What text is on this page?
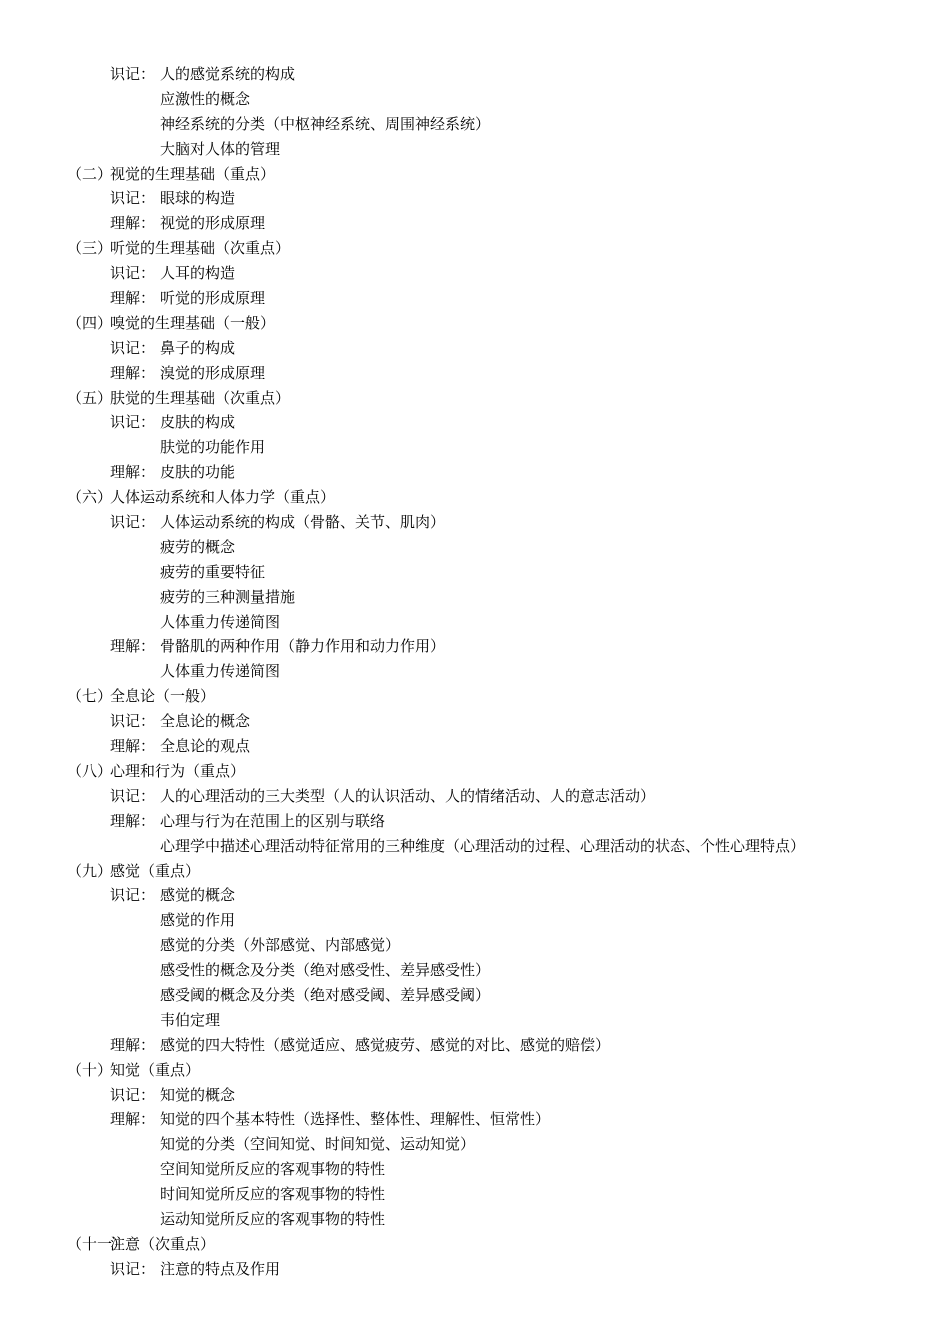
识记： 人的感觉系统的构成
应激性的概念
神经系统的分类（中枢神经系统、周围神经系统）
大脑对人体的管理
（二）
视觉的生理基础（重点）
识记： 眼球的构造
理解： 视觉的形成原理
（三）
听觉的生理基础（次重点）
识记： 人耳的构造
理解： 听觉的形成原理
（四）
嗅觉的生理基础（一般）
识记： 鼻子的构成
理解： 溴觉的形成原理
（五）
肤觉的生理基础（次重点）
识记： 皮肤的构成
肤觉的功能作用
理解： 皮肤的功能
（六）
人体运动系统和人体力学（重点）
识记： 人体运动系统的构成（骨骼、关节、肌肉）
疲劳的概念
疲劳的重要特征
疲劳的三种测量措施
人体重力传递简图
理解： 骨骼肌的两种作用（静力作用和动力作用）
人体重力传递简图
（七）
全息论（一般）
识记： 全息论的概念
理解： 全息论的观点
（八）
心理和行为（重点）
识记： 人的心理活动的三大类型（人的认识活动、人的情绪活动、人的意志活动）
理解： 心理与行为在范围上的区别与联络
心理学中描述心理活动特征常用的三种维度（心理活动的过程、心理活动的状态、个性心理特点）
（九）
感觉（重点）
识记： 感觉的概念
感觉的作用
感觉的分类（外部感觉、内部感觉）
感受性的概念及分类（绝对感受性、差异感受性）
感受阈的概念及分类（绝对感受阈、差异感受阈）
韦伯定理
理解： 感觉的四大特性（感觉适应、感觉疲劳、感觉的对比、感觉的赔偿）
（十）
知觉（重点）
识记： 知觉的概念
理解： 知觉的四个基本特性（选择性、整体性、理解性、恒常性）
知觉的分类（空间知觉、时间知觉、运动知觉）
空间知觉所反应的客观事物的特性
时间知觉所反应的客观事物的特性
运动知觉所反应的客观事物的特性
（十一）
注意（次重点）
识记： 注意的特点及作用
